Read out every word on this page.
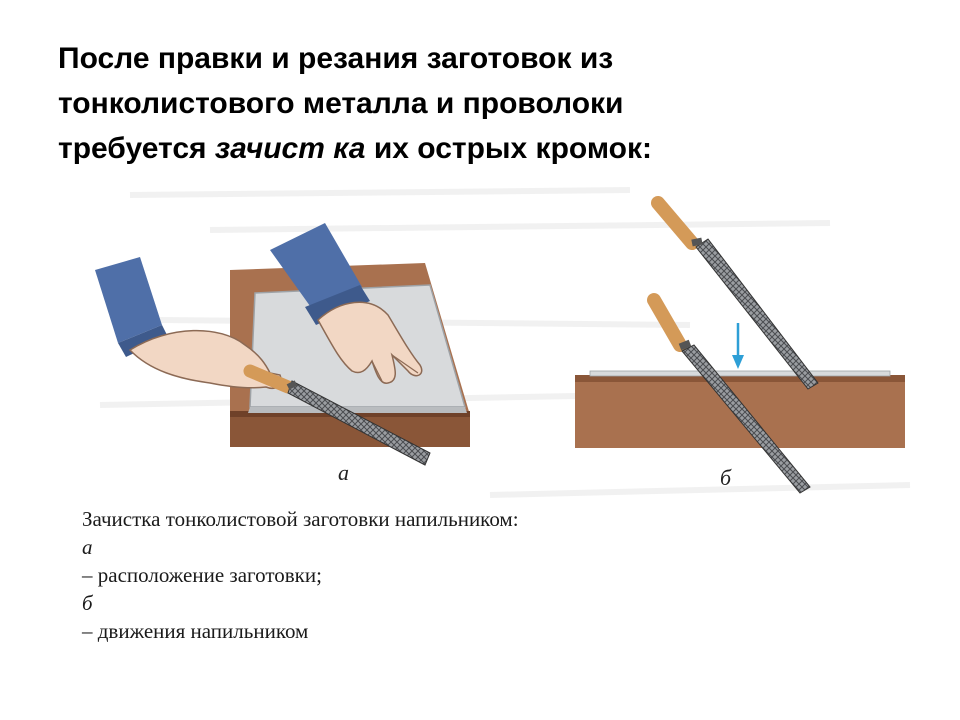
После правки и резания заготовок из
тонколистового металла и проволоки
требуется зачист ка их острых кромок:
а	б
Зачистка тонколистовой заготовки напильником:
а
– расположение заготовки;
б
– движения напильником
